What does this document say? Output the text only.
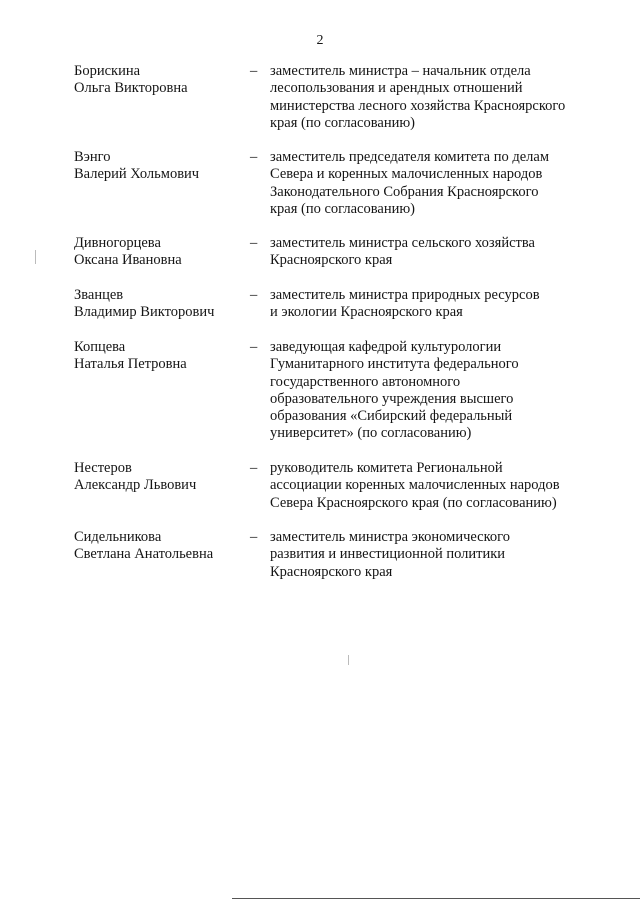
2
Борискина
Ольга Викторовна
– заместитель министра – начальник отдела
лесопользования и арендных отношений
министерства лесного хозяйства Красноярского
края (по согласованию)
Вэнго
Валерий Хольмович
– заместитель председателя комитета по делам
Севера и коренных малочисленных народов
Законодательного Собрания Красноярского
края (по согласованию)
Дивногорцева
Оксана Ивановна
– заместитель министра сельского хозяйства
Красноярского края
Званцев
Владимир Викторович
– заместитель министра природных ресурсов
и экологии Красноярского края
Копцева
Наталья Петровна
– заведующая кафедрой культурологии
Гуманитарного института федерального
государственного автономного
образовательного учреждения высшего
образования «Сибирский федеральный
университет» (по согласованию)
Нестеров
Александр Львович
– руководитель комитета Региональной
ассоциации коренных малочисленных народов
Севера Красноярского края (по согласованию)
Сидельникова
Светлана Анатольевна
– заместитель министра экономического
развития и инвестиционной политики
Красноярского края
